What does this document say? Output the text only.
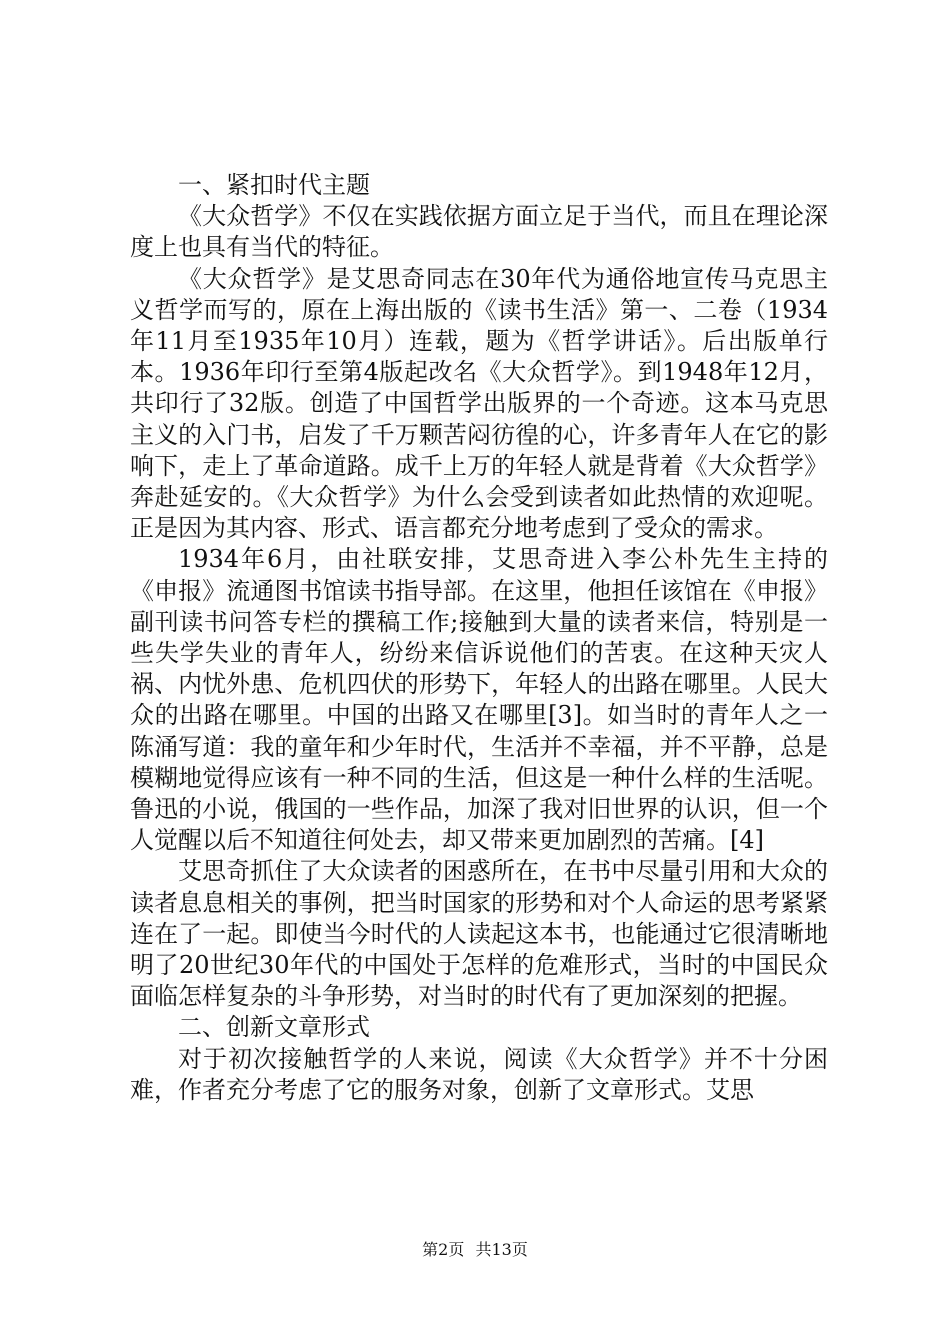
一、紧扣时代主题

《大众哲学》不仅在实践依据方面立足于当代，而且在理论深度上也具有当代的特征。

《大众哲学》是艾思奇同志在30年代为通俗地宣传马克思主义哲学而写的，原在上海出版的《读书生活》第一、二卷（1934年11月至1935年10月）连载，题为《哲学讲话》。后出版单行本。1936年印行至第4版起改名《大众哲学》。到1948年12月，共印行了32版。创造了中国哲学出版界的一个奇迹。这本马克思主义的入门书，启发了千万颗苦闷彷徨的心，许多青年人在它的影响下，走上了革命道路。成千上万的年轻人就是背着《大众哲学》奔赴延安的。《大众哲学》为什么会受到读者如此热情的欢迎呢。正是因为其内容、形式、语言都充分地考虑到了受众的需求。

1934年6月，由社联安排，艾思奇进入李公朴先生主持的《申报》流通图书馆读书指导部。在这里，他担任该馆在《申报》副刊读书问答专栏的撰稿工作;接触到大量的读者来信，特别是一些失学失业的青年人，纷纷来信诉说他们的苦衷。在这种天灾人祸、内忧外患、危机四伏的形势下，年轻人的出路在哪里。人民大众的出路在哪里。中国的出路又在哪里[3]。如当时的青年人之一陈涌写道：我的童年和少年时代，生活并不幸福，并不平静，总是模糊地觉得应该有一种不同的生活，但这是一种什么样的生活呢。鲁迅的小说，俄国的一些作品，加深了我对旧世界的认识，但一个人觉醒以后不知道往何处去，却又带来更加剧烈的苦痛。[4]

艾思奇抓住了大众读者的困惑所在，在书中尽量引用和大众的读者息息相关的事例，把当时国家的形势和对个人命运的思考紧紧连在了一起。即使当今时代的人读起这本书，也能通过它很清晰地明了20世纪30年代的中国处于怎样的危难形式，当时的中国民众面临怎样复杂的斗争形势，对当时的时代有了更加深刻的把握。

二、创新文章形式

对于初次接触哲学的人来说，阅读《大众哲学》并不十分困难，作者充分考虑了它的服务对象，创新了文章形式。艾思

第2页 共13页
